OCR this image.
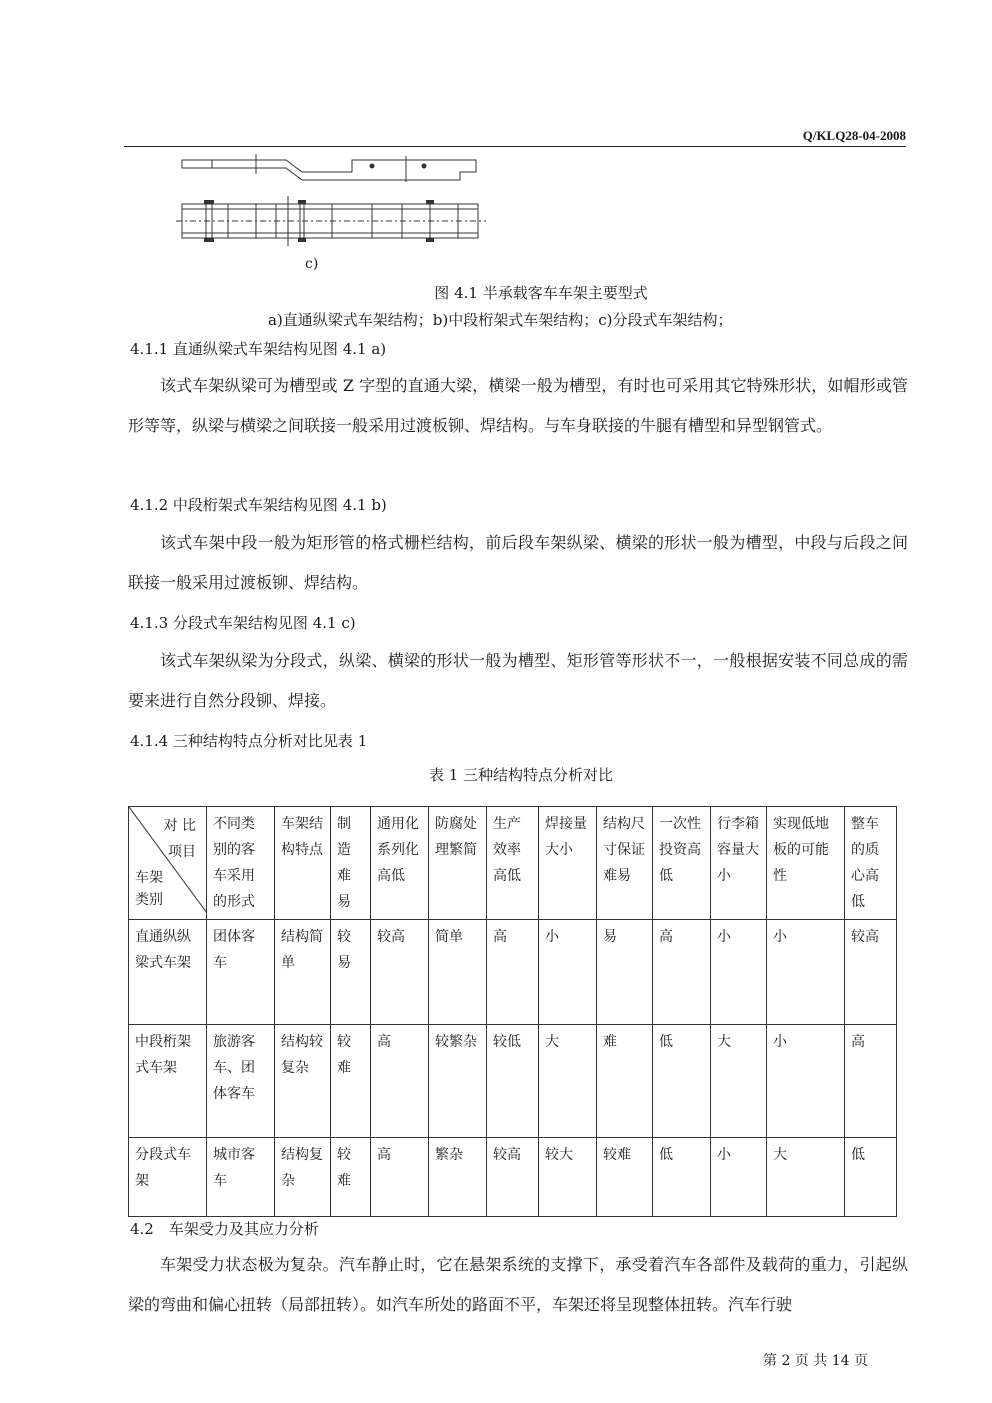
Q/KLQ28-04-2008
c)
图 4.1 半承载客车车架主要型式
a)直通纵梁式车架结构；b)中段桁架式车架结构；c)分段式车架结构；
4.1.1 直通纵梁式车架结构见图 4.1 a)
该式车架纵梁可为槽型或 Z 字型的直通大梁，横梁一般为槽型，有时也可采用其它特殊形状，如帽形或管形等等，纵梁与横梁之间联接一般采用过渡板铆、焊结构。与车身联接的牛腿有槽型和异型钢管式。
4.1.2 中段桁架式车架结构见图 4.1 b)
该式车架中段一般为矩形管的格式栅栏结构，前后段车架纵梁、横梁的形状一般为槽型，中段与后段之间联接一般采用过渡板铆、焊结构。
4.1.3 分段式车架结构见图 4.1 c)
该式车架纵梁为分段式，纵梁、横梁的形状一般为槽型、矩形管等形状不一，一般根据安装不同总成的需要来进行自然分段铆、焊接。
4.1.4 三种结构特点分析对比见表 1
表 1 三种结构特点分析对比
对 比
项目
车架
类别	不同类别的客车采用的形式	车架结构特点	制造难易	通用化系列化高低	防腐处理繁简	生产效率高低	焊接量大小	结构尺寸保证难易	一次性投资高低	行李箱容量大小	实现低地板的可能性	整车的质心高低
直通纵纵梁式车架	团体客车	结构简单	较易	较高	简单	高	小	易	高	小	小	较高
中段桁架式车架	旅游客车、团体客车	结构较复杂	较难	高	较繁杂	较低	大	难	低	大	小	高
分段式车架	城市客车	结构复杂	较难	高	繁杂	较高	较大	较难	低	小	大	低
4.2　车架受力及其应力分析
车架受力状态极为复杂。汽车静止时，它在悬架系统的支撑下，承受着汽车各部件及载荷的重力，引起纵梁的弯曲和偏心扭转（局部扭转）。如汽车所处的路面不平，车架还将呈现整体扭转。汽车行驶
第 2 页 共 14 页
